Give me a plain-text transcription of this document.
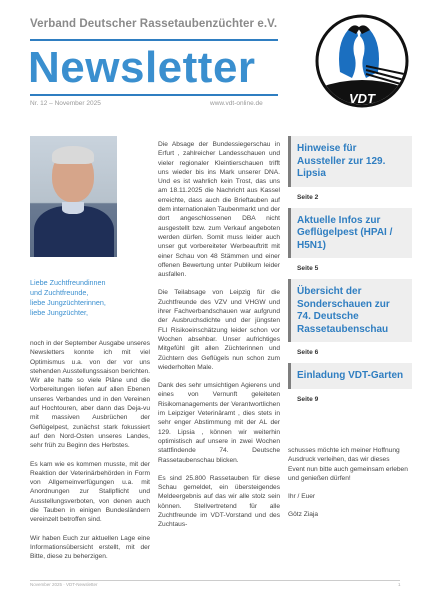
Verband Deutscher Rassetaubenzüchter e.V.
Newsletter
Nr. 12 – November 2025	www.vdt-online.de	VDT
Liebe Zuchtfreundinnen
und Zuchtfreunde,
liebe Jungzüchterinnen,
liebe Jungzüchter,

noch in der September Ausgabe unseres Newsletters konnte ich mit viel Optimismus u.a. von der vor uns stehenden Ausstellungssaison berichten. Wir alle hatte so viele Pläne und die Vorbereitungen liefen auf allen Ebenen unseres Verbandes und in den Vereinen auf Hochtouren, aber dann das Deja-vu mit massiven Ausbrüchen der Geflügelpest, zunächst stark fokussiert auf den Nord-Osten unseres Landes, sehr früh zu Beginn des Herbstes.

Es kam wie es kommen musste, mit der Reaktion der Veterinärbehörden in Form von Allgemeinverfügungen u.a. mit Anordnungen zur Stallpflicht und Ausstellungsverboten, von denen auch die Tauben in einigen Bundesländern vereinzelt betroffen sind.

Wir haben Euch zur aktuellen Lage eine Informationsübersicht erstellt, mit der Bitte, diese zu beherzigen.

Die Absage der Bundessiegerschau in Erfurt , zahlreicher Landesschauen und vieler regionaler Kleintierschauen trifft uns wieder bis ins Mark unserer DNA. Und es ist wahrlich kein Trost, das uns am 18.11.2025 die Nachricht aus Kassel erreichte, dass auch die Brieftauben auf dem internationalen Taubenmarkt und der dort angeschlossenen DBA nicht ausgestellt bzw. zum Verkauf angeboten werden dürfen. Somit muss leider auch unser gut vorbereiteter Werbeauftritt mit einer Schau von 48 Stämmen und einer offenen Bewertung unter Publikum leider ausfallen.

Die Teilabsage von Leipzig für die Zuchtfreunde des VZV und VHGW und ihrer Fachverbandschauen war aufgrund der Ausbruchsdichte und der jüngsten FLI Risikoeinschätzung leider schon vor Wochen absehbar. Unser aufrichtiges Mitgefühl gilt allen Züchterinnen und Züchtern des Geflügels nun schon zum wiederholten Male.

Dank des sehr umsichtigen Agierens und eines von Vernunft geleiteten Risikomanagements der Verantwortlichen im Leipziger Veterinäramt , dies stets in sehr enger Abstimmung mit der AL der 129. Lipsia , können wir weiterhin optimistisch auf unsere in zwei Wochen stattfindende 74. Deutsche Rassetaubenschau blicken.

Es sind 25.800 Rassetauben für diese Schau gemeldet, ein übersteigendes Meldeergebnis auf das wir alle stolz sein können. Stellvertretend für alle Zuchtfreunde im VDT-Vorstand und des Zuchtaus-

Hinweise für Aussteller zur 129. Lipsia
Seite 2
Aktuelle Infos zur Geflügelpest (HPAI / H5N1)
Seite 5
Übersicht der Sonderschauen zur 74. Deutsche Rassetaubenschau
Seite 6
Einladung VDT-Garten
Seite 9

schusses möchte ich meiner Hoffnung Ausdruck verleihen, das wir dieses Event nun bitte auch gemeinsam erleben und genießen dürfen!

Ihr / Euer

Götz Ziaja

November 2025 · VDT-Newsletter	1
